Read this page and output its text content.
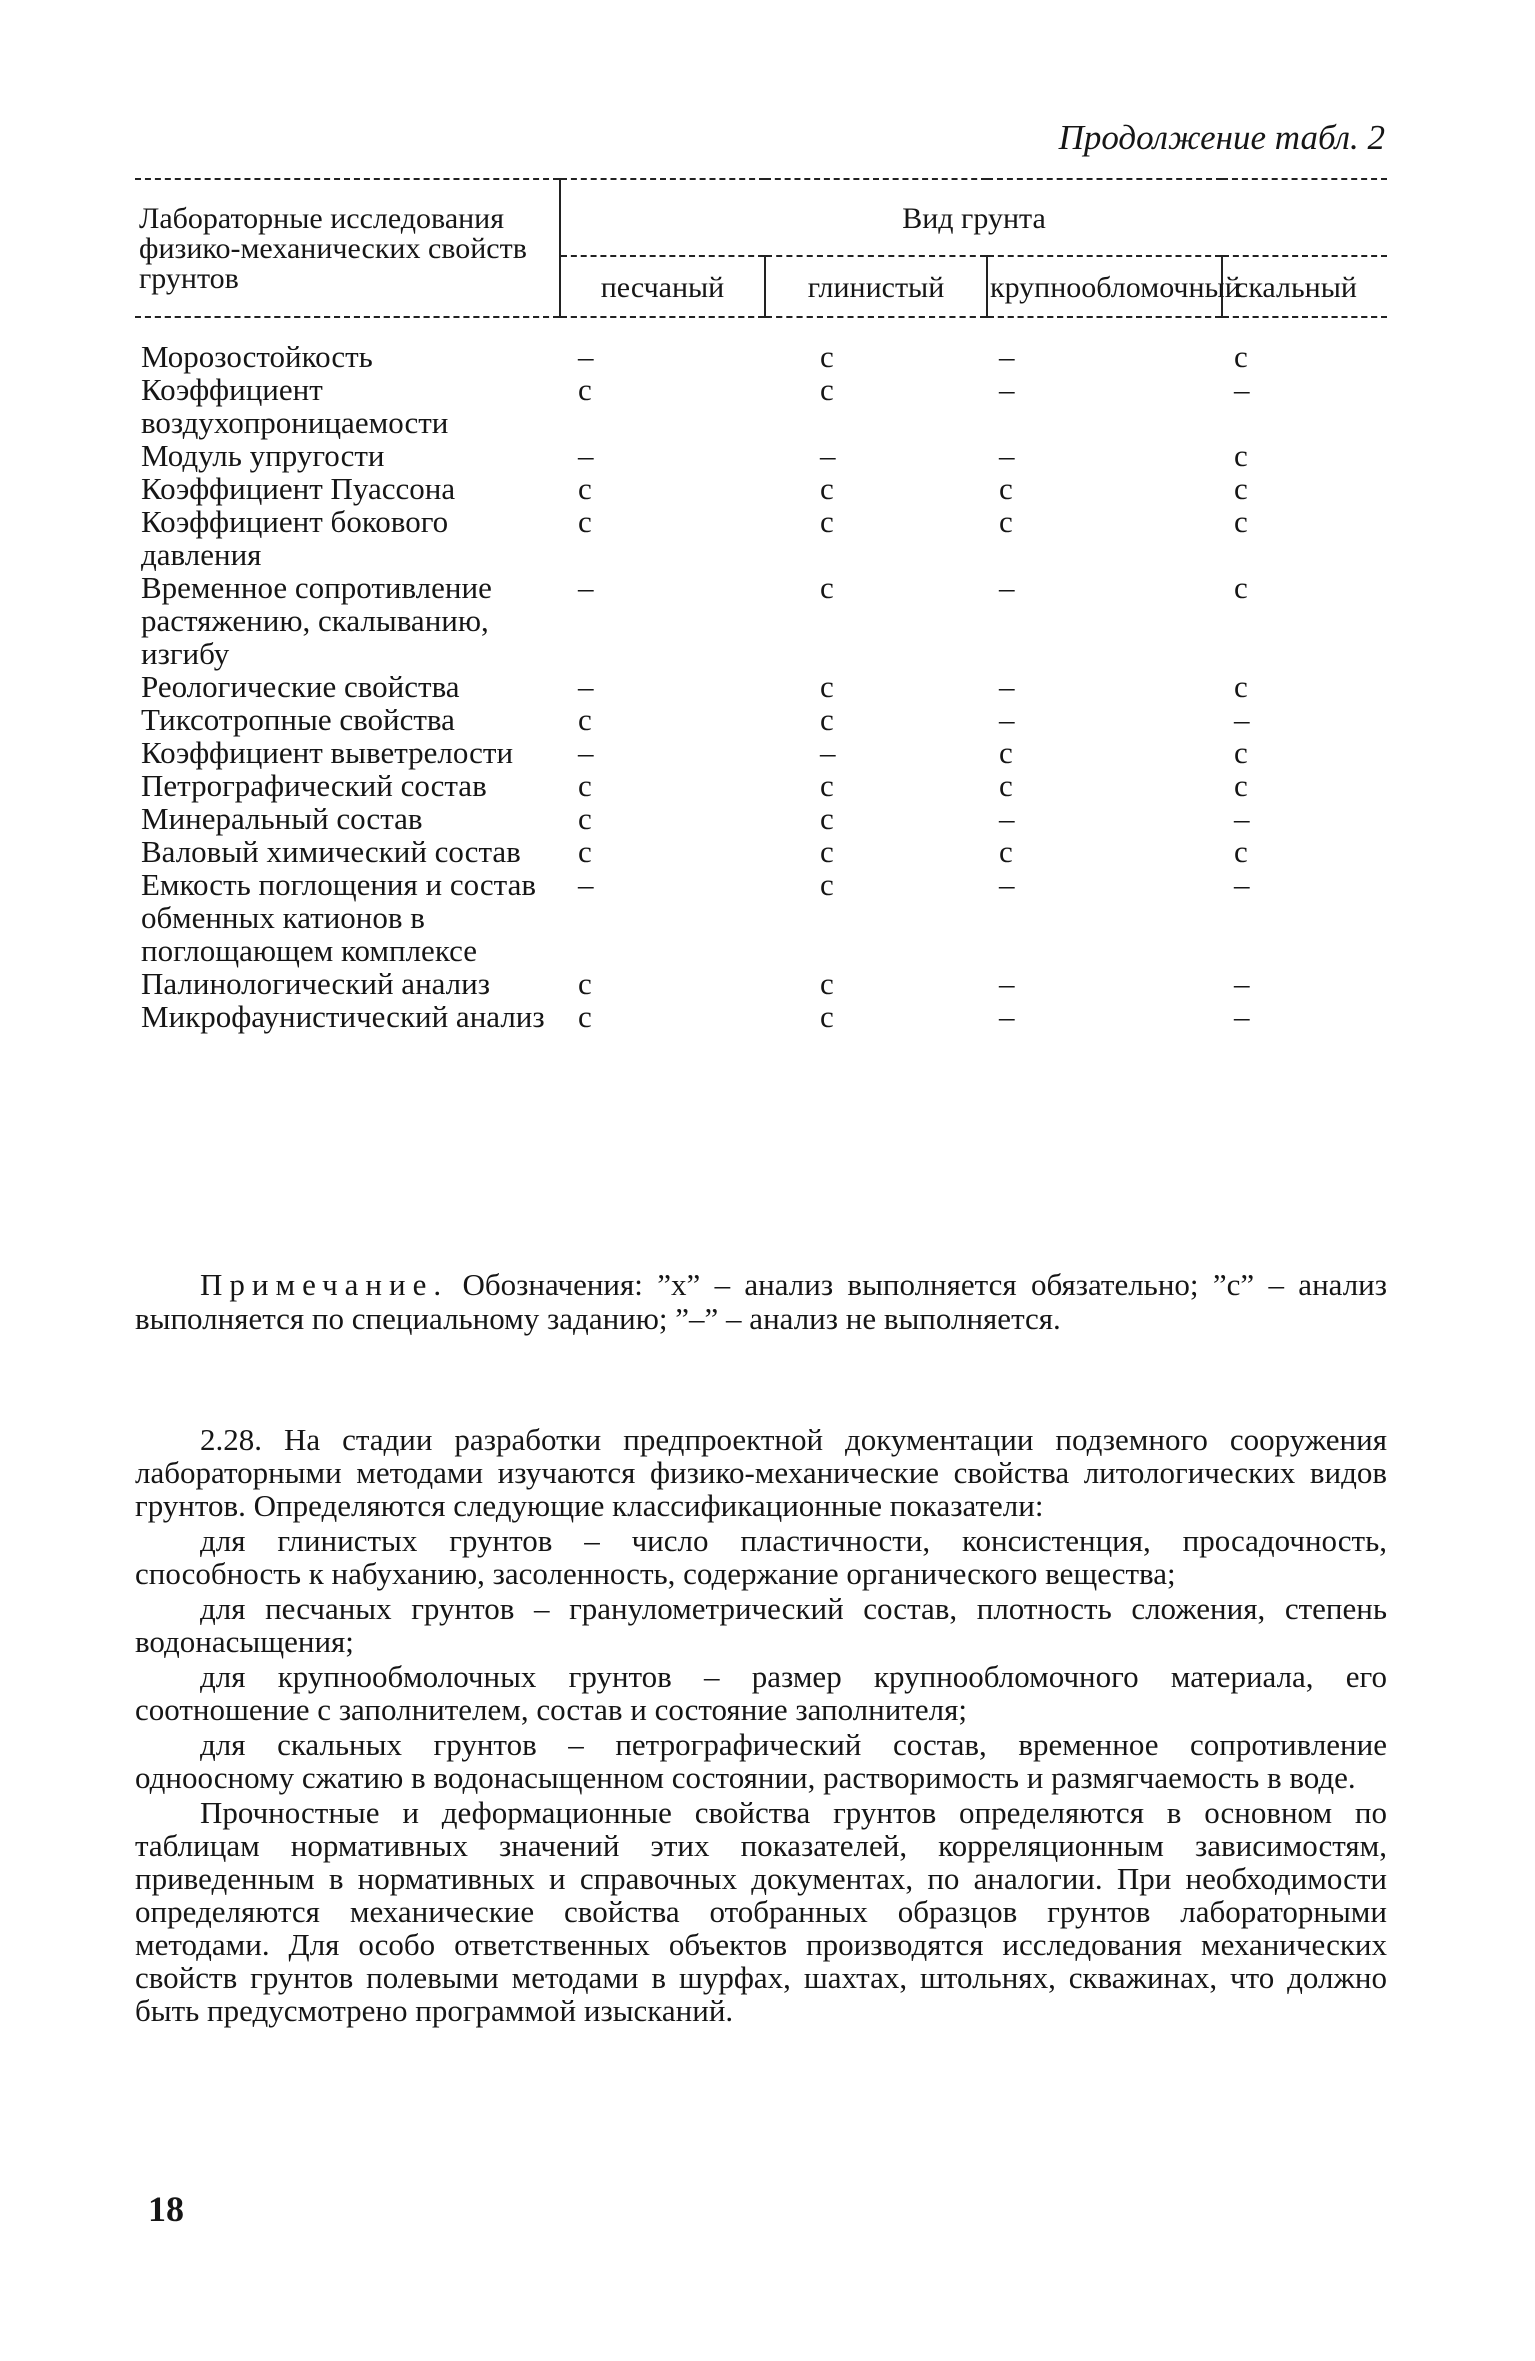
Продолжение табл. 2
Лабораторные исследования физико-механических свойств грунтов	Вид грунта			
	песчаный	глинистый	крупнообломочный	скальный
Морозостойкость	–	с	–	с
Коэффициент воздухопроницаемости	с	с	–	–
Модуль упругости	–	–	–	с
Коэффициент Пуассона	с	с	с	с
Коэффициент бокового давления	с	с	с	с
Временное сопротивление растяжению, скалыванию, изгибу	–	с	–	с
Реологические свойства	–	с	–	с
Тиксотропные свойства	с	с	–	–
Коэффициент выветрелости	–	–	с	с
Петрографический состав	с	с	с	с
Минеральный состав	с	с	–	–
Валовый химический состав	с	с	с	с
Емкость поглощения и состав обменных катионов в поглощающем комплексе	–	с	–	–
Палинологический анализ	с	с	–	–
Микрофаунистический анализ	с	с	–	–
Примечание. Обозначения: ”x” – анализ выполняется обязательно; ”c” – анализ выполняется по специальному заданию; ”–” – анализ не выполняется.

2.28. На стадии разработки предпроектной документации подземного сооружения лабораторными методами изучаются физико-механические свойства литологических видов грунтов. Определяются следующие классификационные показатели:

для глинистых грунтов – число пластичности, консистенция, просадочность, способность к набуханию, засоленность, содержание органического вещества;

для песчаных грунтов – гранулометрический состав, плотность сложения, степень водонасыщения;

для крупнообмолочных грунтов – размер крупнообломочного материала, его соотношение с заполнителем, состав и состояние заполнителя;

для скальных грунтов – петрографический состав, временное сопротивление одноосному сжатию в водонасыщенном состоянии, растворимость и размягчаемость в воде.

Прочностные и деформационные свойства грунтов определяются в основном по таблицам нормативных значений этих показателей, корреляционным зависимостям, приведенным в нормативных и справочных документах, по аналогии. При необходимости определяются механические свойства отобранных образцов грунтов лабораторными методами. Для особо ответственных объектов производятся исследования механических свойств грунтов полевыми методами в шурфах, шахтах, штольнях, скважинах, что должно быть предусмотрено программой изысканий.

18
